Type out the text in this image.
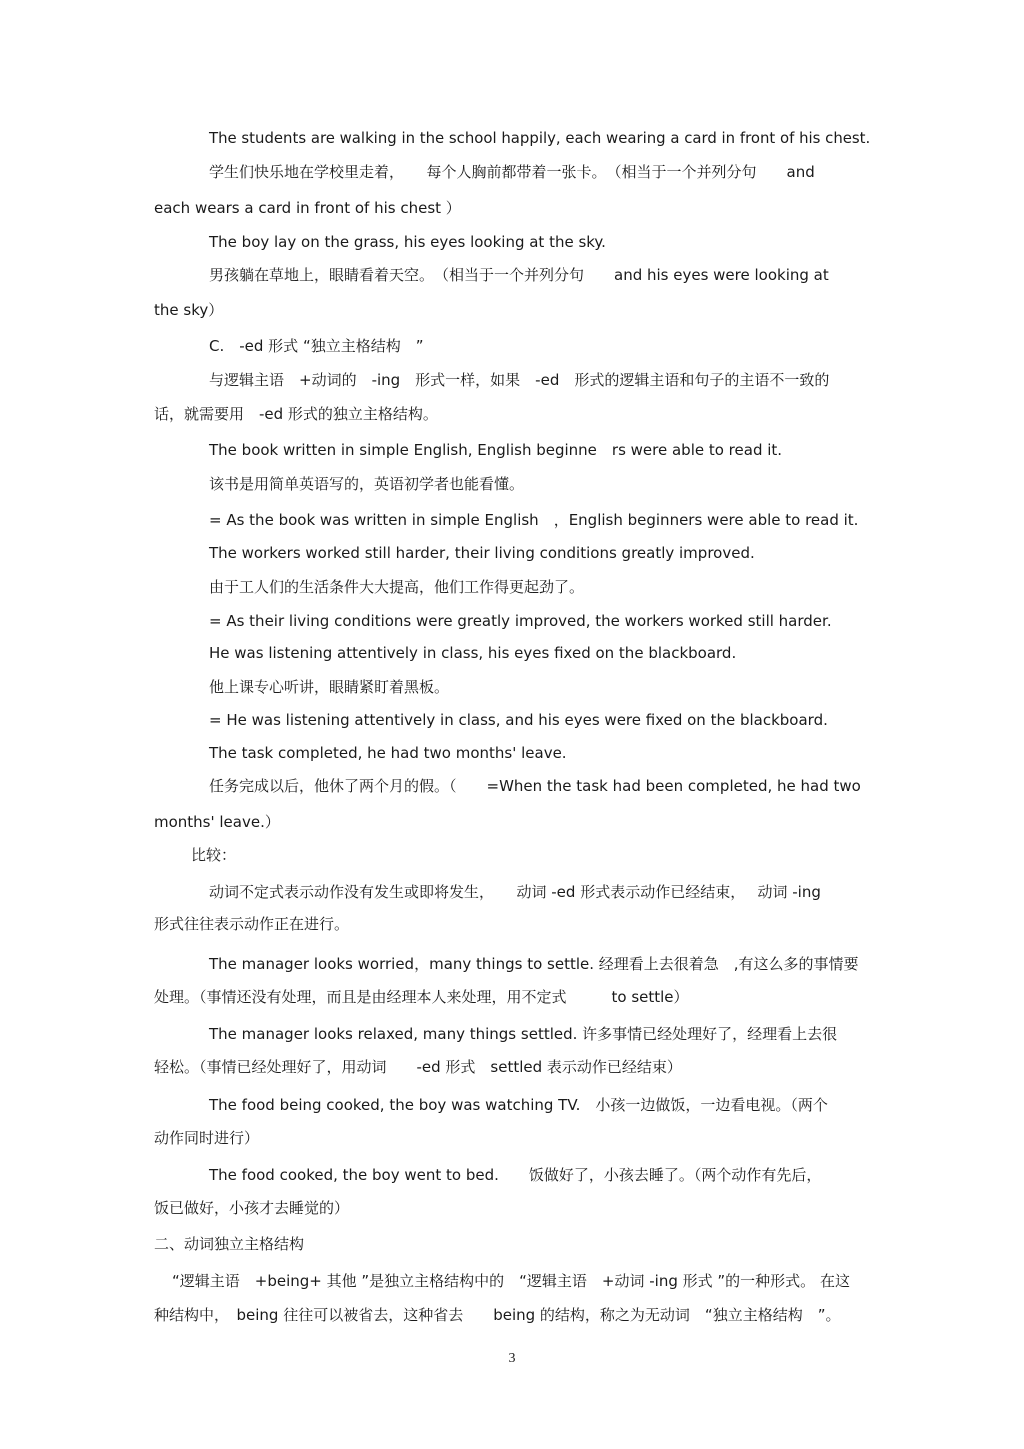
The students are walking in the school happily, each wearing a card in front of his chest.
学生们快乐地在学校里走着，　　每个人胸前都带着一张卡。　（相当于一个并列分句　　and
each wears a card in front of his chest ）
The boy lay on the grass, his eyes looking at the sky.
男孩躺在草地上，眼睛看着天空。　（相当于一个并列分句　　and his eyes were looking at
the sky）
C.　-ed 形式 “独立主格结构　”
与逻辑主语　+动词的　-ing　形式一样，如果　-ed　形式的逻辑主语和句子的主语不一致的
话，就需要用　-ed 形式的独立主格结构。
The book written in simple English, English beginne　rs were able to read it.
该书是用简单英语写的，英语初学者也能看懂。
= As the book was written in simple English　，English beginners were able to read it.
The workers worked still harder, their living conditions greatly improved.
由于工人们的生活条件大大提高，他们工作得更起劲了。
= As their living conditions were greatly improved, the workers worked still harder.
He was listening attentively in class, his eyes fixed on the blackboard.
他上课专心听讲，眼睛紧盯着黑板。
= He was listening attentively in class, and his eyes were fixed on the blackboard.
The task completed, he had two months' leave.
任务完成以后，他休了两个月的假。（　　=When the task had been completed, he had two
months' leave.）
比较：
动词不定式表示动作没有发生或即将发生，　　动词 -ed 形式表示动作已经结束，　 动词 -ing
形式往往表示动作正在进行。
The manager looks worried，many things to settle. 经理看上去很着急　,有这么多的事情要
处理。（事情还没有处理，而且是由经理本人来处理，用不定式　　　to settle）
The manager looks relaxed, many things settled. 许多事情已经处理好了，经理看上去很
轻松。（事情已经处理好了，用动词　　-ed 形式　settled 表示动作已经结束）
The food being cooked, the boy was watching TV.　小孩一边做饭，一边看电视。（两个
动作同时进行）
The food cooked, the boy went to bed.　　饭做好了，小孩去睡了。（两个动作有先后，
饭已做好，小孩才去睡觉的）
二、动词独立主格结构
“逻辑主语　+being+ 其他 ”是独立主格结构中的　“逻辑主语　+动词 -ing 形式 ”的一种形式。 在这
种结构中，　being 往往可以被省去，这种省去　　being 的结构，称之为无动词　“独立主格结构　”。
3
